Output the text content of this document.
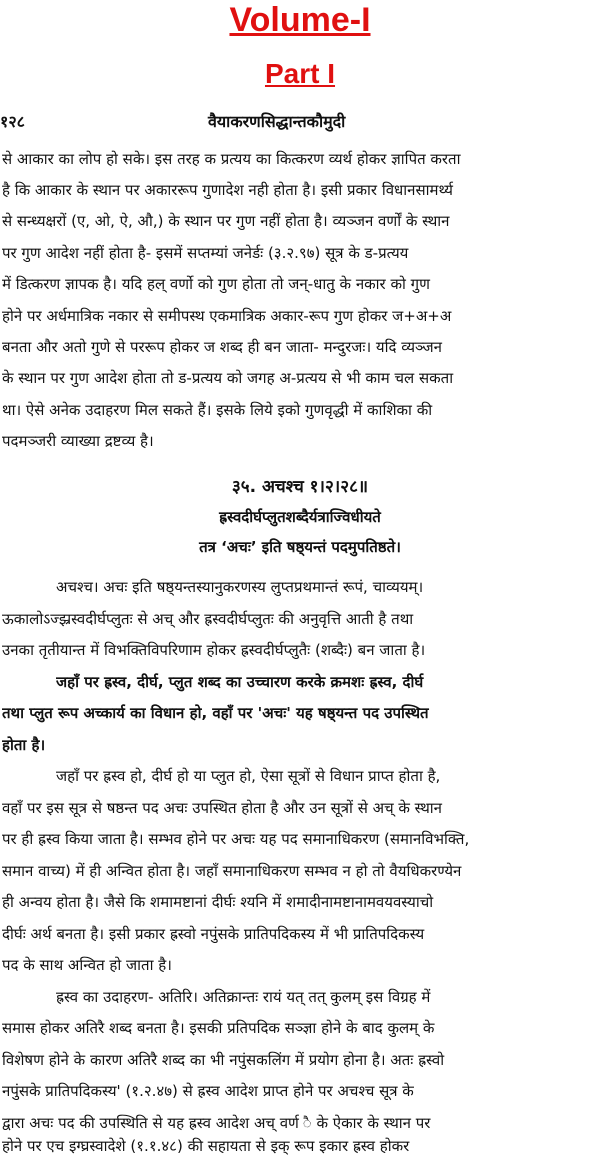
Volume-I
Part I
१२८	वैयाकरणसिद्धान्तकौमुदी
से आकार का लोप हो सके। इस तरह क प्रत्यय का कित्करण व्यर्थ होकर ज्ञापित करता
है कि आकार के स्थान पर अकाररूप गुणादेश नही होता है। इसी प्रकार विधानसामर्थ्य
से सन्ध्यक्षरों (ए, ओ, ऐ, औ,) के स्थान पर गुण नहीं होता है। व्यञ्जन वर्णों के स्थान
पर गुण आदेश नहीं होता है- इसमें सप्तम्यां जनेर्डः (३.२.९७) सूत्र के ड-प्रत्यय
में डित्करण ज्ञापक है। यदि हल् वर्णो को गुण होता तो जन्-धातु के नकार को गुण
होने पर अर्धमात्रिक नकार से समीपस्थ एकमात्रिक अकार-रूप गुण होकर ज+अ+अ
बनता और अतो गुणे से पररूप होकर ज शब्द ही बन जाता- मन्दुरजः। यदि व्यञ्जन
के स्थान पर गुण आदेश होता तो ड-प्रत्यय को जगह अ-प्रत्यय से भी काम चल सकता
था। ऐसे अनेक उदाहरण मिल सकते हैं। इसके लिये इको गुणवृद्धी में काशिका की
पदमञ्जरी व्याख्या द्रष्टव्य है।
३५. अचश्च १।२।२८॥
ह्रस्वदीर्घप्लुतशब्दैर्यत्राज्विधीयते
तत्र ‘अचः’ इति षष्ठ्यन्तं पदमुपतिष्ठते।
अचश्च। अचः इति षष्ठ्यन्तस्यानुकरणस्य लुप्तप्रथमान्तं रूपं, चाव्ययम्।
ऊकालोऽज्झ्रस्वदीर्घप्लुतः से अच् और ह्रस्वदीर्घप्लुतः की अनुवृत्ति आती है तथा
उनका तृतीयान्त में विभक्तिविपरिणाम होकर ह्रस्वदीर्घप्लुतैः (शब्दैः) बन जाता है।
जहाँ पर ह्रस्व, दीर्घ, प्लुत शब्द का उच्चारण करके क्रमशः ह्रस्व, दीर्घ
तथा प्लुत रूप अच्कार्य का विधान हो, वहाँ पर 'अचः' यह षष्ठ्यन्त पद उपस्थित
होता है।
जहाँ पर ह्रस्व हो, दीर्घ हो या प्लुत हो, ऐसा सूत्रों से विधान प्राप्त होता है,
वहाँ पर इस सूत्र से षष्ठन्त पद अचः उपस्थित होता है और उन सूत्रों से अच् के स्थान
पर ही ह्रस्व किया जाता है। सम्भव होने पर अचः यह पद समानाधिकरण (समानविभक्ति,
समान वाच्य) में ही अन्वित होता है। जहाँ समानाधिकरण सम्भव न हो तो वैयधिकरण्येन
ही अन्वय होता है। जैसे कि शमामष्टानां दीर्घः श्यनि में शमादीनामष्टानामवयवस्याचो
दीर्घः अर्थ बनता है। इसी प्रकार ह्रस्वो नपुंसके प्रातिपदिकस्य में भी प्रातिपदिकस्य
पद के साथ अन्वित हो जाता है।
ह्रस्व का उदाहरण- अतिरि। अतिक्रान्तः रायं यत् तत् कुलम् इस विग्रह में
समास होकर अतिरै शब्द बनता है। इसकी प्रतिपदिक सञ्ज्ञा होने के बाद कुलम् के
विशेषण होने के कारण अतिरै शब्द का भी नपुंसकलिंग में प्रयोग होना है। अतः ह्रस्वो
नपुंसके प्रातिपदिकस्य' (१.२.४७) से ह्रस्व आदेश प्राप्त होने पर अचश्च सूत्र के
द्वारा अचः पद की उपस्थिति से यह ह्रस्व आदेश अच् वर्ण ै के ऐकार के स्थान पर
होने पर एच इग्घ्रस्वादेशे (१.१.४८) की सहायता से इक् रूप इकार ह्रस्व होकर
